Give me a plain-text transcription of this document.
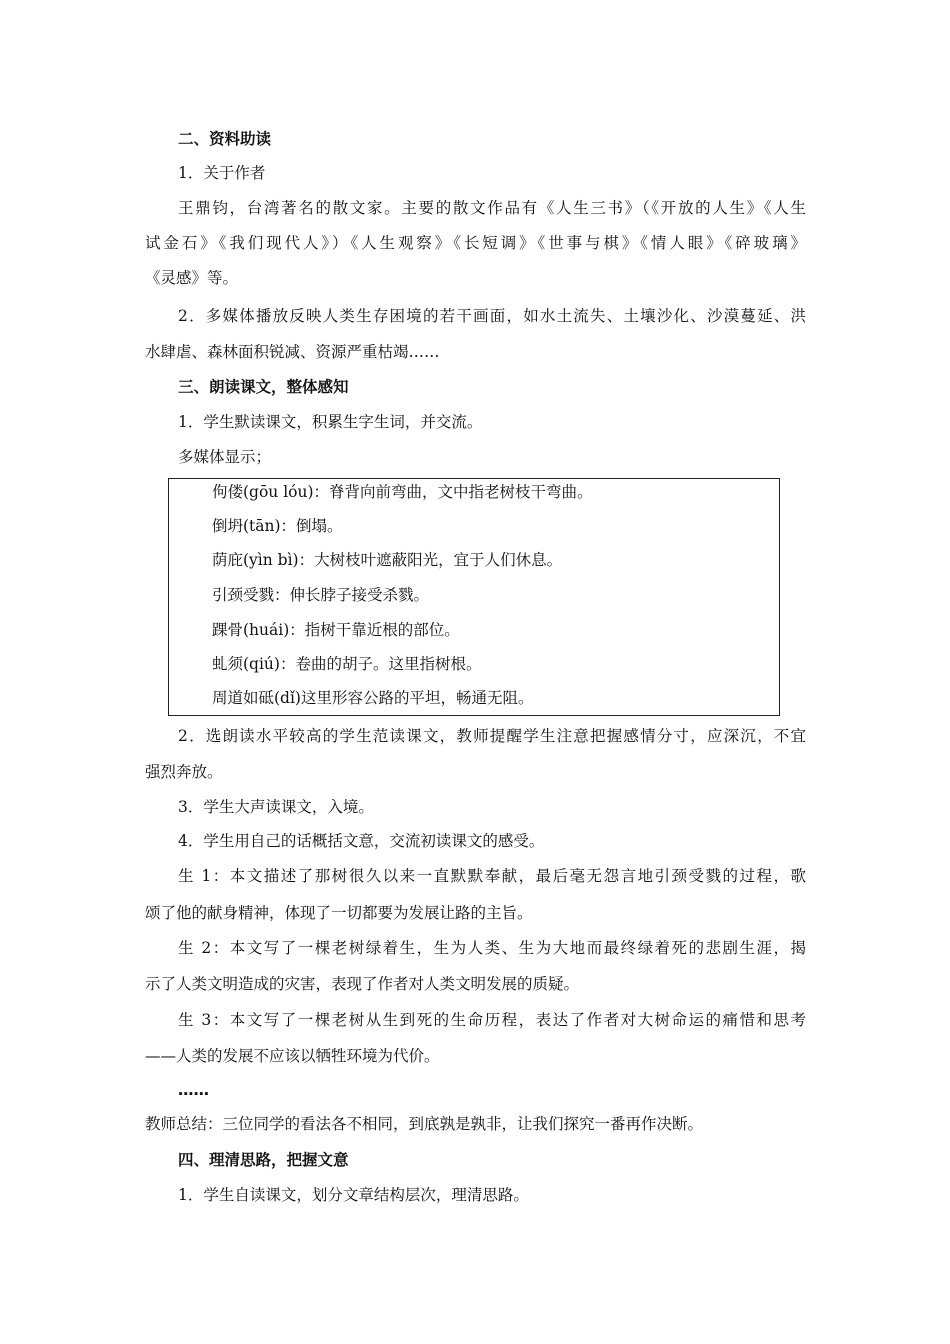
二、资料助读
1．关于作者
王鼎钧，台湾著名的散文家。主要的散文作品有《人生三书》（《开放的人生》《人生
试金石》《我们现代人》）《人生观察》《长短调》《世事与棋》《情人眼》《碎玻璃》
《灵感》等。
2．多媒体播放反映人类生存困境的若干画面，如水土流失、土壤沙化、沙漠蔓延、洪
水肆虐、森林面积锐减、资源严重枯竭……
三、朗读课文，整体感知
1．学生默读课文，积累生字生词，并交流。
多媒体显示；
佝偻(gōu lóu)：脊背向前弯曲，文中指老树枝干弯曲。
倒坍(tān)：倒塌。
荫庇(yìn bì)：大树枝叶遮蔽阳光，宜于人们休息。
引颈受戮：伸长脖子接受杀戮。
踝骨(huái)：指树干靠近根的部位。
虬须(qiú)：卷曲的胡子。这里指树根。
周道如砥(dǐ)这里形容公路的平坦，畅通无阻。
2．选朗读水平较高的学生范读课文，教师提醒学生注意把握感情分寸，应深沉，不宜
强烈奔放。
3．学生大声读课文，入境。
4．学生用自己的话概括文意，交流初读课文的感受。
生 1：本文描述了那树很久以来一直默默奉献，最后毫无怨言地引颈受戮的过程，歌
颂了他的献身精神，体现了一切都要为发展让路的主旨。
生 2：本文写了一棵老树绿着生，生为人类、生为大地而最终绿着死的悲剧生涯，揭
示了人类文明造成的灾害，表现了作者对人类文明发展的质疑。
生 3：本文写了一棵老树从生到死的生命历程，表达了作者对大树命运的痛惜和思考
——人类的发展不应该以牺牲环境为代价。
……
教师总结：三位同学的看法各不相同，到底孰是孰非，让我们探究一番再作决断。
四、理清思路，把握文意
1．学生自读课文，划分文章结构层次，理清思路。
